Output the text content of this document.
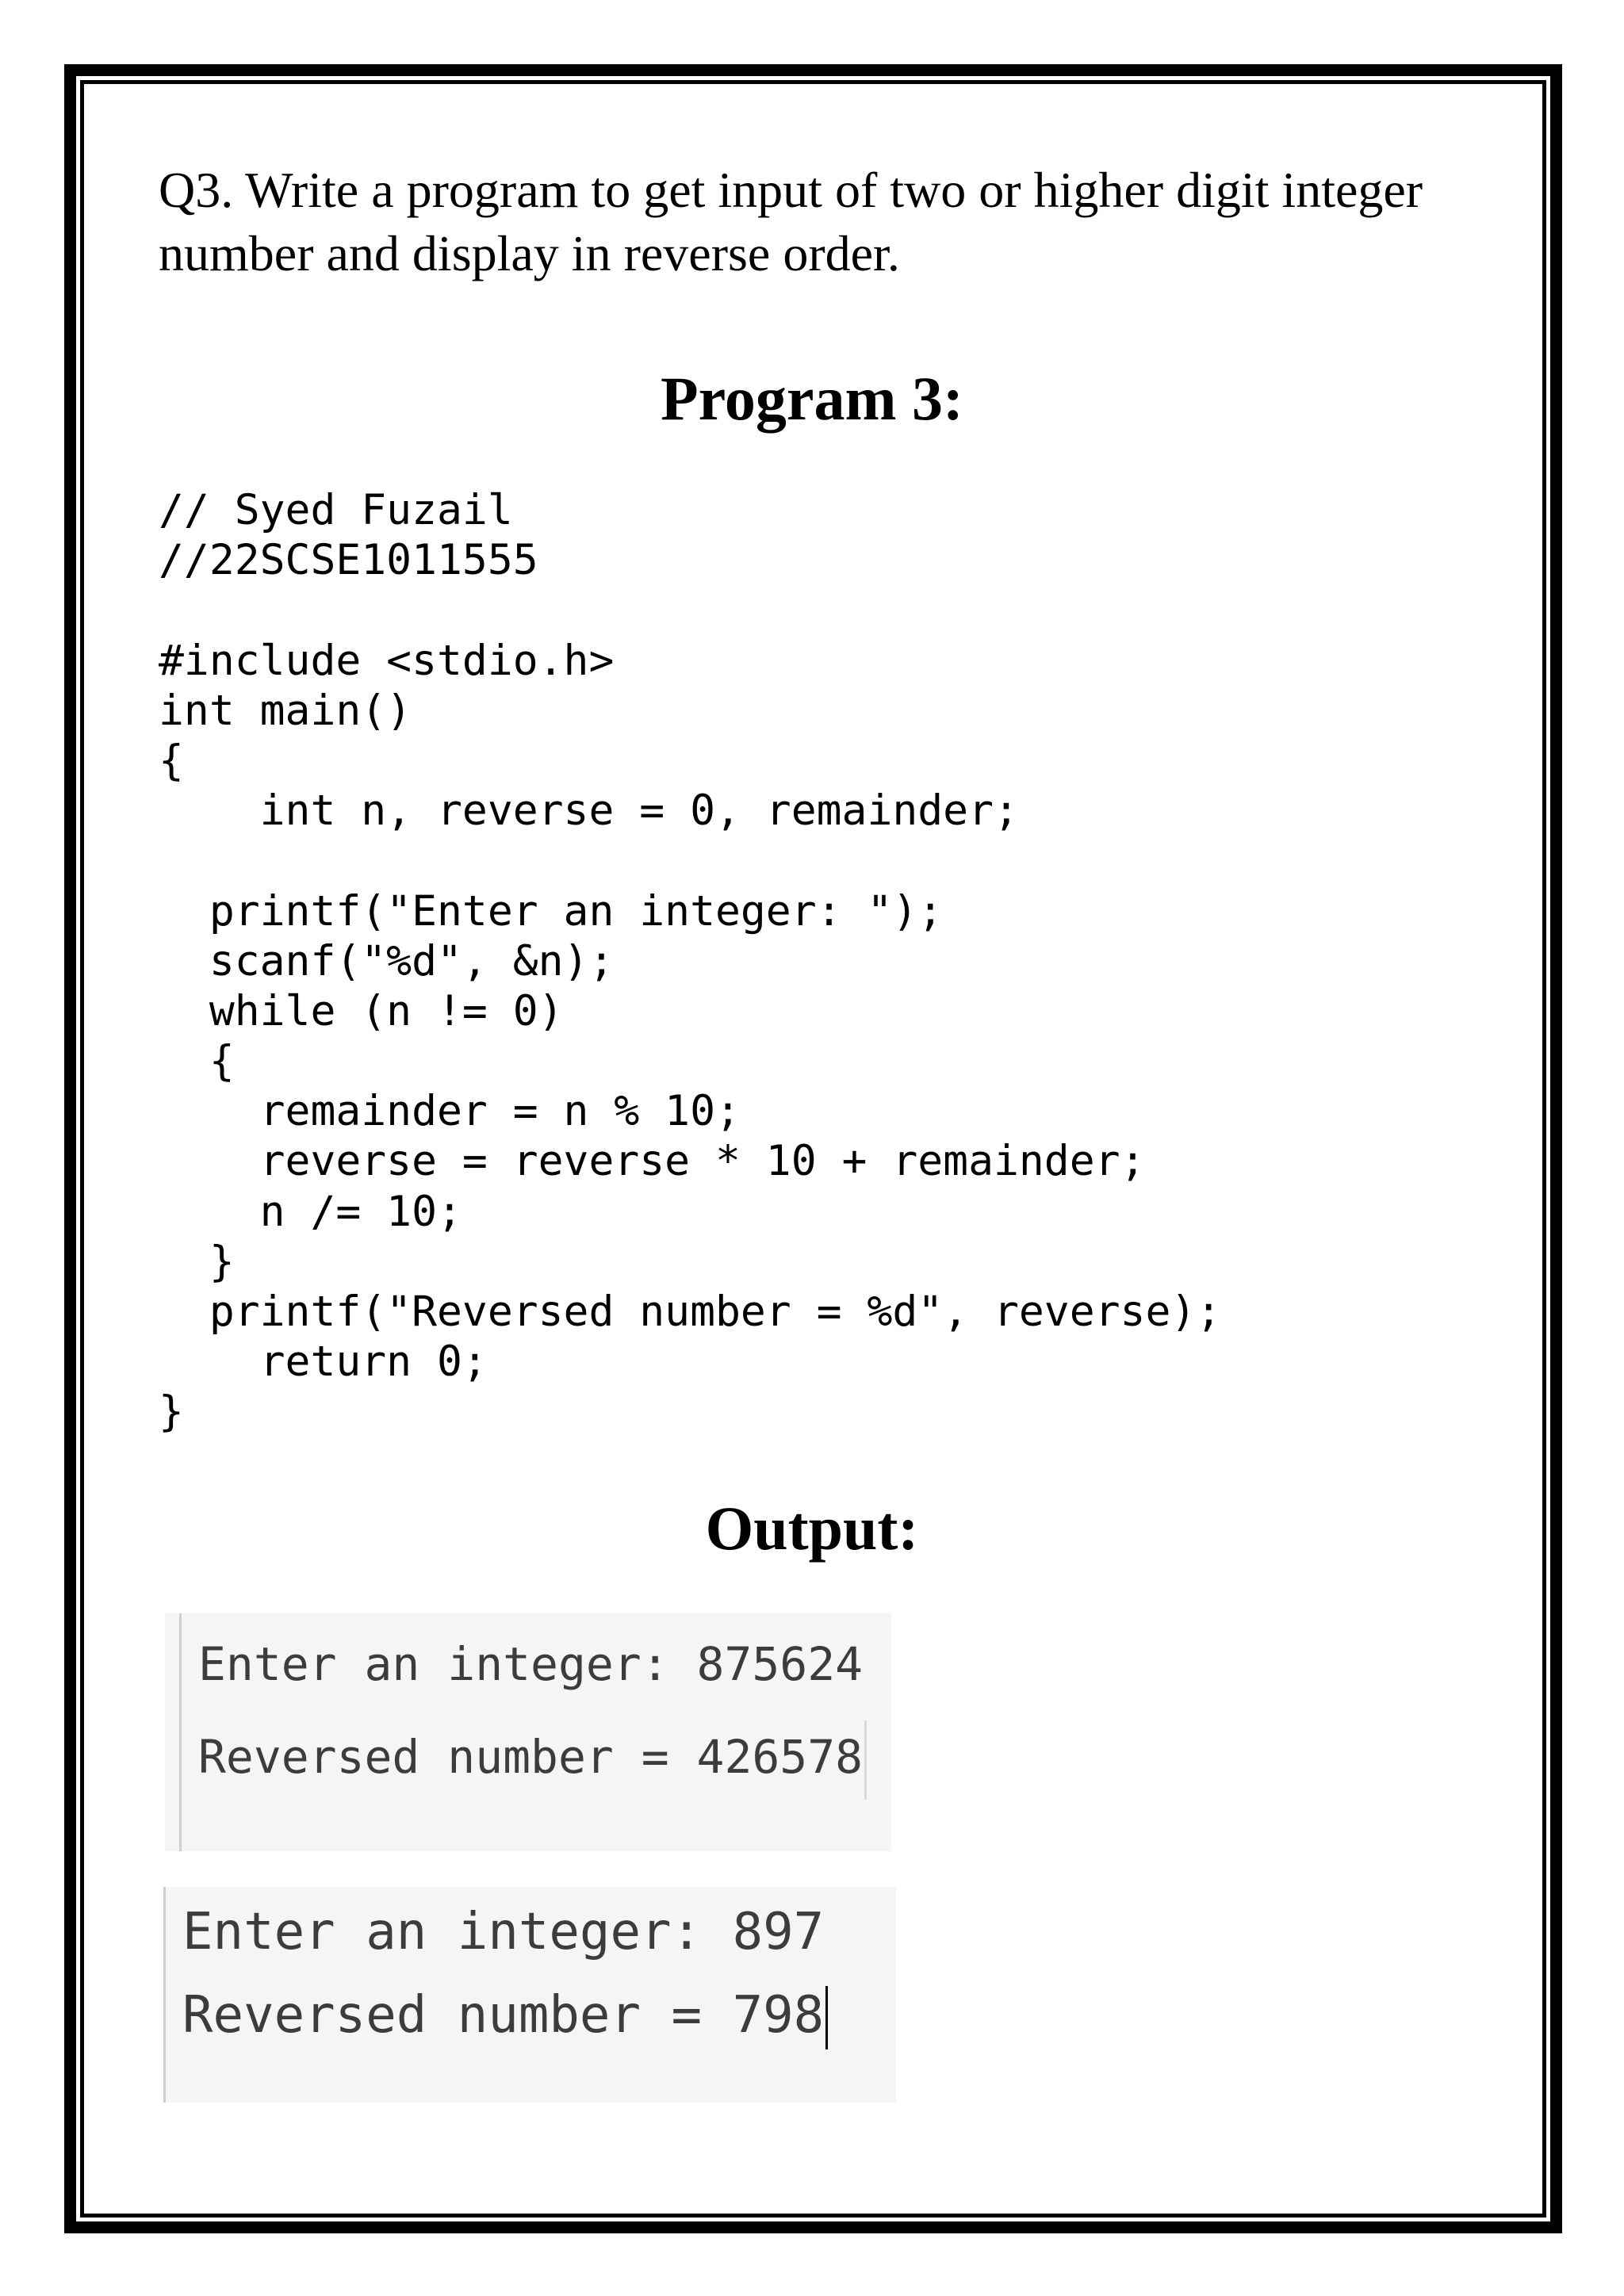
Q3. Write a program to get input of two or higher digit integer number and display in reverse order.

Program 3:
// Syed Fuzail
//22SCSE1011555
#include <stdio.h>
int main()
{
int n, reverse = 0, remainder;
printf("Enter an integer: ");
scanf("%d", &n);
while (n != 0)
{
remainder = n % 10;
reverse = reverse * 10 + remainder;
n /= 10;
}
printf("Reversed number = %d", reverse);
return 0;
}
Output:
Enter an integer: 875624
Reversed number = 426578
Enter an integer: 897
Reversed number = 798
